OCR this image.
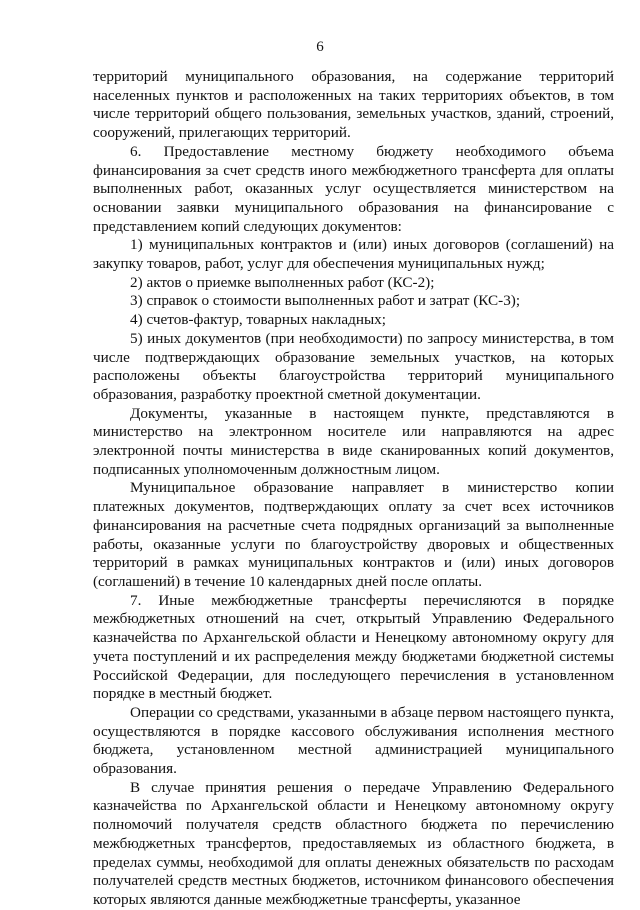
6

территорий муниципального образования, на содержание территорий населенных пунктов и расположенных на таких территориях объектов, в том числе территорий общего пользования, земельных участков, зданий, строений, сооружений, прилегающих территорий.

6. Предоставление местному бюджету необходимого объема финансирования за счет средств иного межбюджетного трансферта для оплаты выполненных работ, оказанных услуг осуществляется министерством на основании заявки муниципального образования на финансирование с представлением копий следующих документов:

1) муниципальных контрактов и (или) иных договоров (соглашений) на закупку товаров, работ, услуг для обеспечения муниципальных нужд;

2) актов о приемке выполненных работ (КС-2);

3) справок о стоимости выполненных работ и затрат (КС-3);

4) счетов-фактур, товарных накладных;

5) иных документов (при необходимости) по запросу министерства, в том числе подтверждающих образование земельных участков, на которых расположены объекты благоустройства территорий муниципального образования, разработку проектной сметной документации.

Документы, указанные в настоящем пункте, представляются в министерство на электронном носителе или направляются на адрес электронной почты министерства в виде сканированных копий документов, подписанных уполномоченным должностным лицом.

Муниципальное образование направляет в министерство копии платежных документов, подтверждающих оплату за счет всех источников финансирования на расчетные счета подрядных организаций за выполненные работы, оказанные услуги по благоустройству дворовых и общественных территорий в рамках муниципальных контрактов и (или) иных договоров (соглашений) в течение 10 календарных дней после оплаты.

7. Иные межбюджетные трансферты перечисляются в порядке межбюджетных отношений на счет, открытый Управлению Федерального казначейства по Архангельской области и Ненецкому автономному округу для учета поступлений и их распределения между бюджетами бюджетной системы Российской Федерации, для последующего перечисления в установленном порядке в местный бюджет.

Операции со средствами, указанными в абзаце первом настоящего пункта, осуществляются в порядке кассового обслуживания исполнения местного бюджета, установленном местной администрацией муниципального образования.

В случае принятия решения о передаче Управлению Федерального казначейства по Архангельской области и Ненецкому автономному округу полномочий получателя средств областного бюджета по перечислению межбюджетных трансфертов, предоставляемых из областного бюджета, в пределах суммы, необходимой для оплаты денежных обязательств по расходам получателей средств местных бюджетов, источником финансового обеспечения которых являются данные межбюджетные трансферты, указанное
